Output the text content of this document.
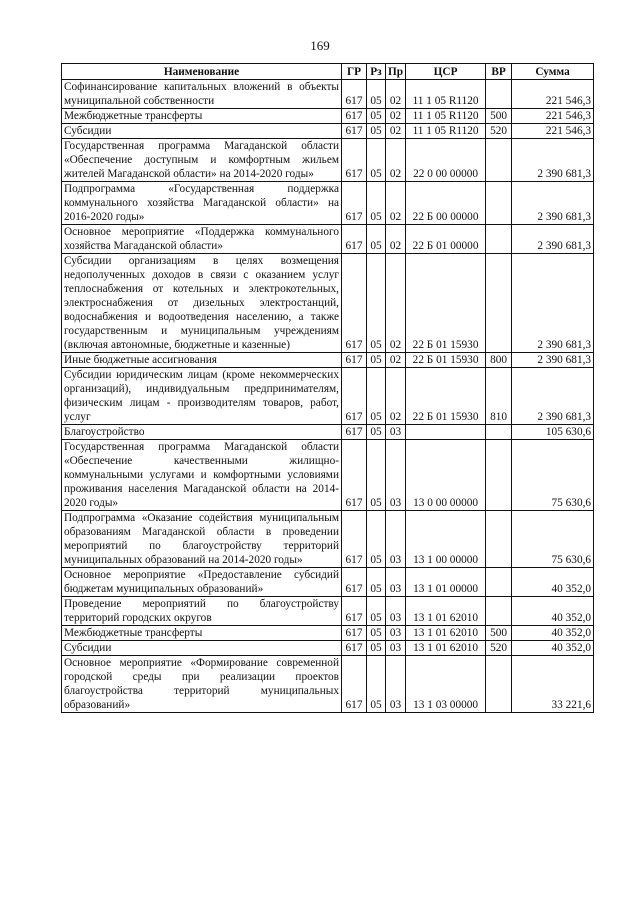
169
Наименование	ГР	Рз	Пр	ЦСР	ВР	Сумма
Софинансирование капитальных вложений в объекты муниципальной собственности	617	05	02	11 1 05 R1120		221 546,3
Межбюджетные трансферты	617	05	02	11 1 05 R1120	500	221 546,3
Субсидии	617	05	02	11 1 05 R1120	520	221 546,3
Государственная программа Магаданской области «Обеспечение доступным и комфортным жильем жителей Магаданской области» на 2014-2020 годы»	617	05	02	22 0 00 00000		2 390 681,3
Подпрограмма «Государственная поддержка коммунального хозяйства Магаданской области» на 2016-2020 годы»	617	05	02	22 Б 00 00000		2 390 681,3
Основное мероприятие «Поддержка коммунального хозяйства Магаданской области»	617	05	02	22 Б 01 00000		2 390 681,3
Субсидии организациям в целях возмещения недополученных доходов в связи с оказанием услуг теплоснабжения от котельных и электрокотельных, электроснабжения от дизельных электростанций, водоснабжения и водоотведения населению, а также государственным и муниципальным учреждениям (включая автономные, бюджетные и казенные)	617	05	02	22 Б 01 15930		2 390 681,3
Иные бюджетные ассигнования	617	05	02	22 Б 01 15930	800	2 390 681,3
Субсидии юридическим лицам (кроме некоммерческих организаций), индивидуальным предпринимателям, физическим лицам - производителям товаров, работ, услуг	617	05	02	22 Б 01 15930	810	2 390 681,3
Благоустройство	617	05	03			105 630,6
Государственная программа Магаданской области «Обеспечение качественными жилищно-коммунальными услугами и комфортными условиями проживания населения Магаданской области на 2014-2020 годы»	617	05	03	13 0 00 00000		75 630,6
Подпрограмма «Оказание содействия муниципальным образованиям Магаданской области в проведении мероприятий по благоустройству территорий муниципальных образований на 2014-2020 годы»	617	05	03	13 1 00 00000		75 630,6
Основное мероприятие «Предоставление субсидий бюджетам муниципальных образований»	617	05	03	13 1 01 00000		40 352,0
Проведение мероприятий по благоустройству территорий городских округов	617	05	03	13 1 01 62010		40 352,0
Межбюджетные трансферты	617	05	03	13 1 01 62010	500	40 352,0
Субсидии	617	05	03	13 1 01 62010	520	40 352,0
Основное мероприятие «Формирование современной городской среды при реализации проектов благоустройства территорий муниципальных образований»	617	05	03	13 1 03 00000		33 221,6
